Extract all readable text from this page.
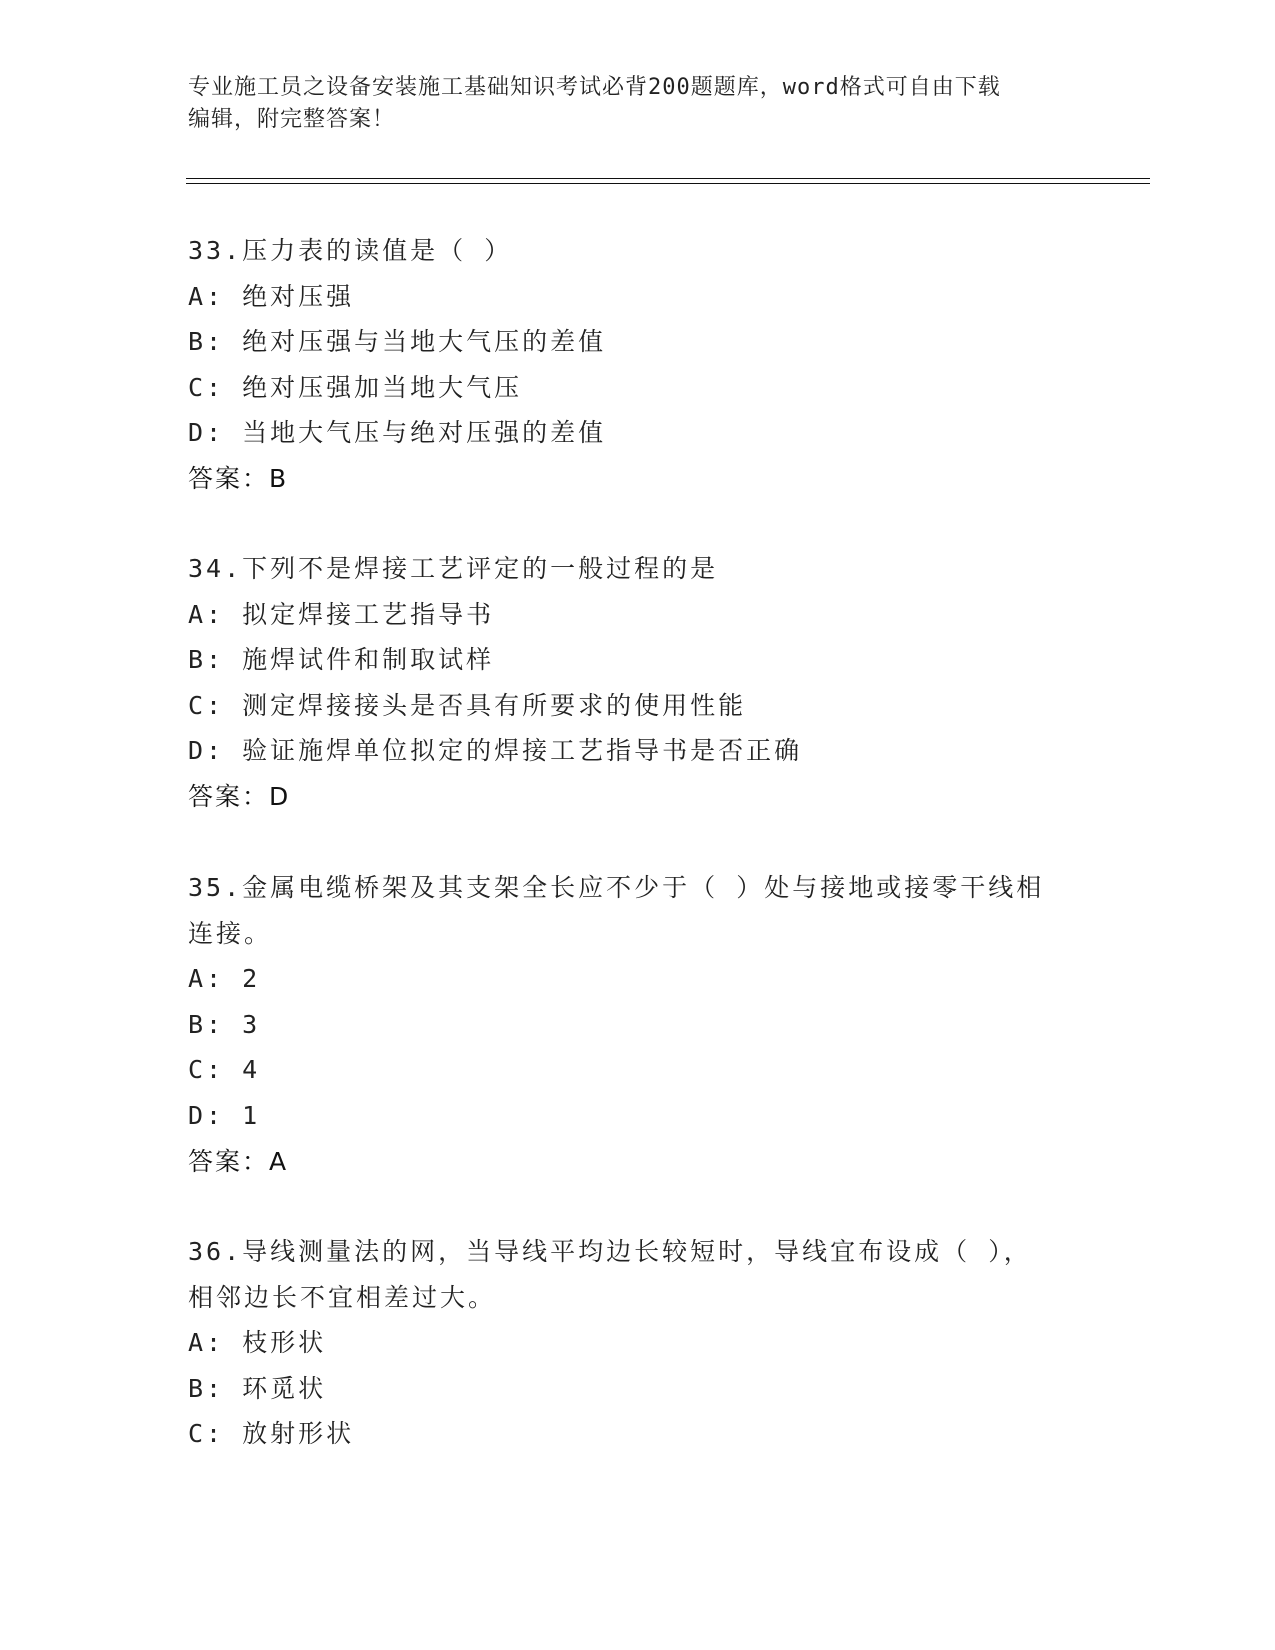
专业施工员之设备安装施工基础知识考试必背200题题库，word格式可自由下载
编辑，附完整答案！

33.压力表的读值是（ ）

A: 绝对压强

B: 绝对压强与当地大气压的差值

C: 绝对压强加当地大气压

D: 当地大气压与绝对压强的差值

答案：B

34.下列不是焊接工艺评定的一般过程的是

A: 拟定焊接工艺指导书

B: 施焊试件和制取试样

C: 测定焊接接头是否具有所要求的使用性能

D: 验证施焊单位拟定的焊接工艺指导书是否正确

答案：D

35.金属电缆桥架及其支架全长应不少于（ ）处与接地或接零干线相

连接。

A: 2

B: 3

C: 4

D: 1

答案：A

36.导线测量法的网，当导线平均边长较短时，导线宜布设成（ ），

相邻边长不宜相差过大。

A: 枝形状

B: 环觅状

C: 放射形状
